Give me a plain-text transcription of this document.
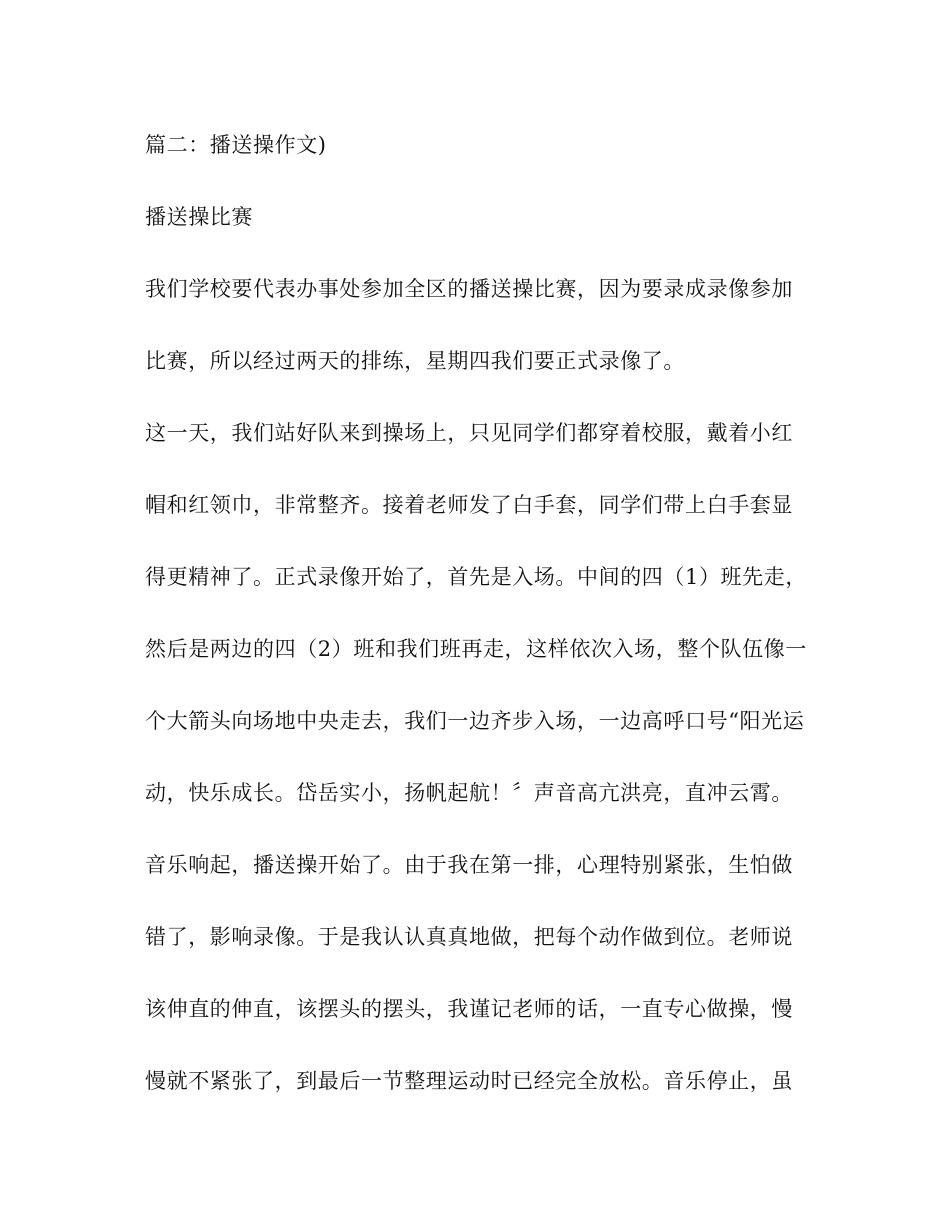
篇二：播送操作文)
播送操比赛
我们学校要代表办事处参加全区的播送操比赛，因为要录成录像参加
比赛，所以经过两天的排练，星期四我们要正式录像了。
这一天，我们站好队来到操场上，只见同学们都穿着校服，戴着小红
帽和红领巾，非常整齐。接着老师发了白手套，同学们带上白手套显
得更精神了。正式录像开始了，首先是入场。中间的四（1）班先走，
然后是两边的四（2）班和我们班再走，这样依次入场，整个队伍像一
个大箭头向场地中央走去，我们一边齐步入场，一边高呼口号“阳光运
动，快乐成长。岱岳实小，扬帆起航！〞声音高亢洪亮，直冲云霄。
音乐响起，播送操开始了。由于我在第一排，心理特别紧张，生怕做
错了，影响录像。于是我认认真真地做，把每个动作做到位。老师说
该伸直的伸直，该摆头的摆头，我谨记老师的话，一直专心做操，慢
慢就不紧张了，到最后一节整理运动时已经完全放松。音乐停止，虽
